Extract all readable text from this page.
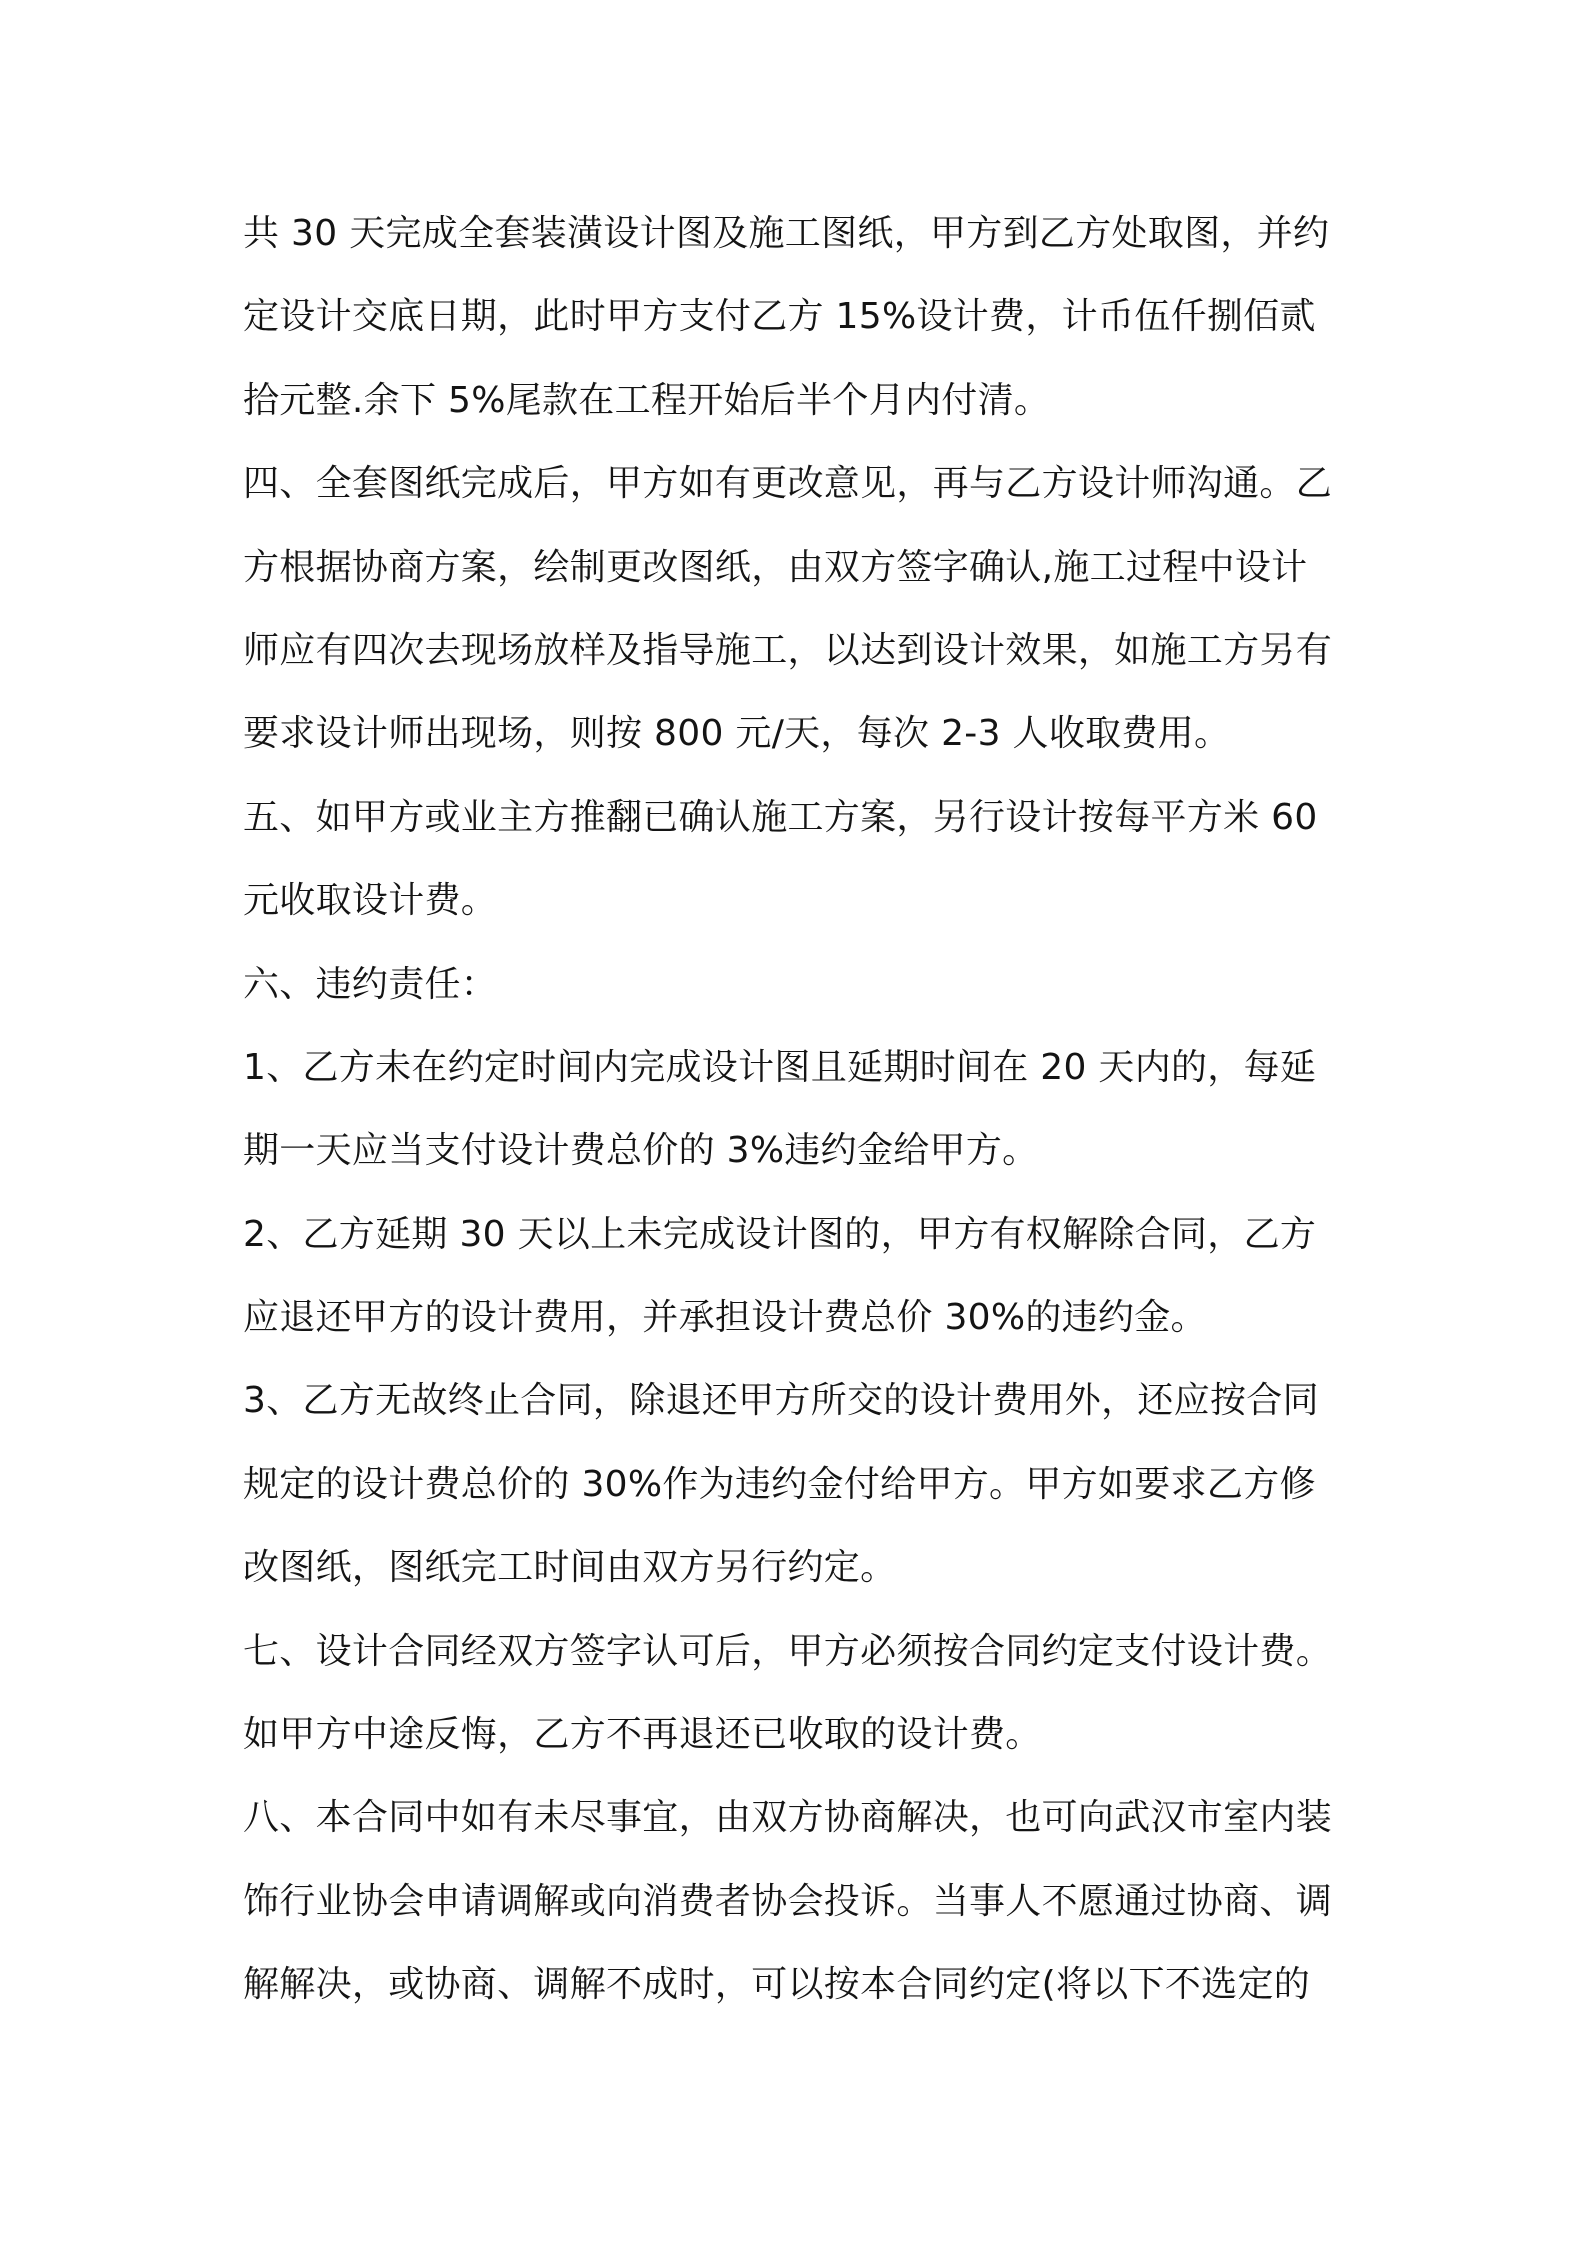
共 30 天完成全套装潢设计图及施工图纸，甲方到乙方处取图，并约
定设计交底日期，此时甲方支付乙方 15%设计费，计币伍仟捌佰贰
拾元整.余下 5%尾款在工程开始后半个月内付清。
四、全套图纸完成后，甲方如有更改意见，再与乙方设计师沟通。乙
方根据协商方案，绘制更改图纸，由双方签字确认,施工过程中设计
师应有四次去现场放样及指导施工，以达到设计效果，如施工方另有
要求设计师出现场，则按 800 元/天，每次 2-3 人收取费用。
五、如甲方或业主方推翻已确认施工方案，另行设计按每平方米 60
元收取设计费。
六、违约责任：
1、乙方未在约定时间内完成设计图且延期时间在 20 天内的，每延
期一天应当支付设计费总价的 3%违约金给甲方。
2、乙方延期 30 天以上未完成设计图的，甲方有权解除合同，乙方
应退还甲方的设计费用，并承担设计费总价 30%的违约金。
3、乙方无故终止合同，除退还甲方所交的设计费用外，还应按合同
规定的设计费总价的 30%作为违约金付给甲方。甲方如要求乙方修
改图纸，图纸完工时间由双方另行约定。
七、设计合同经双方签字认可后，甲方必须按合同约定支付设计费。
如甲方中途反悔，乙方不再退还已收取的设计费。
八、本合同中如有未尽事宜，由双方协商解决，也可向武汉市室内装
饰行业协会申请调解或向消费者协会投诉。当事人不愿通过协商、调
解解决，或协商、调解不成时，可以按本合同约定(将以下不选定的
